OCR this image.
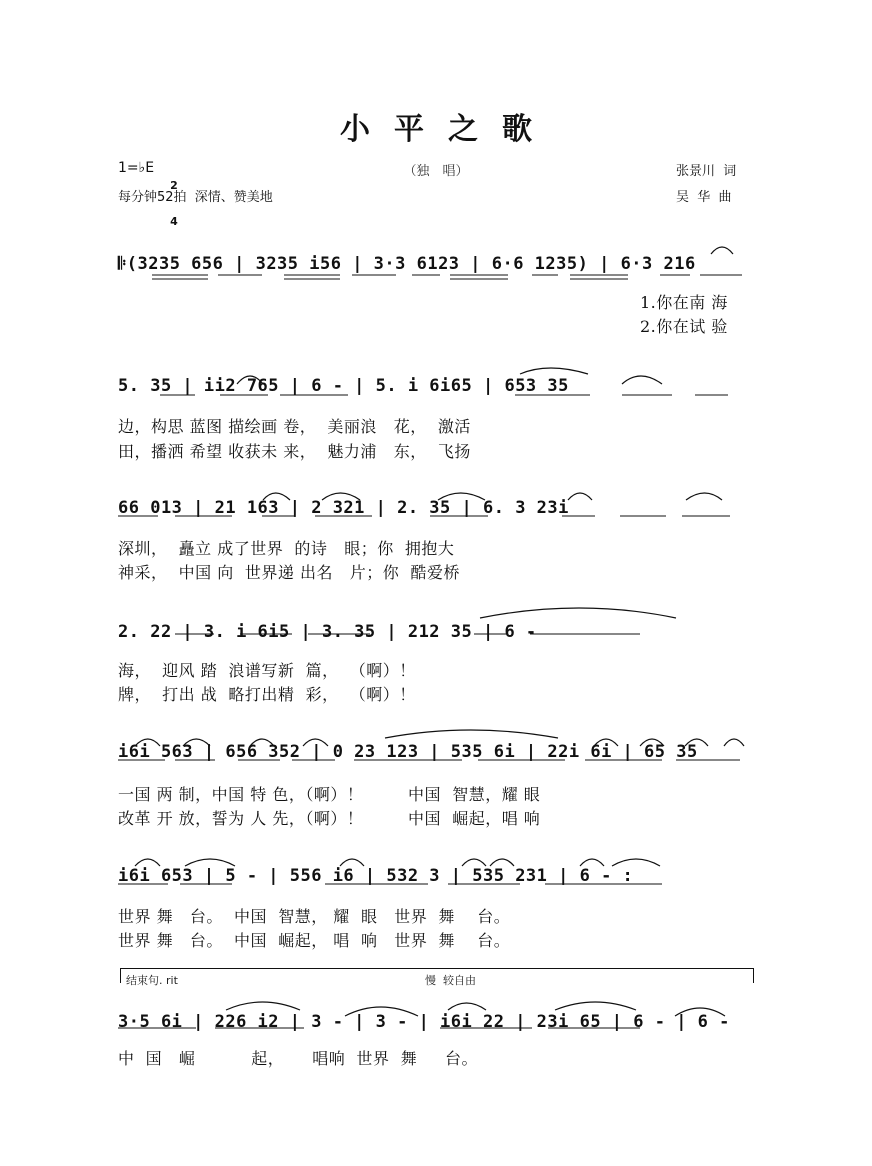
小平之歌
（独　唱）
1=♭E

2

4

每分钟52拍  深情、赞美地
张景川  词
吴  华  曲
𝄆(3235 656 | 3235 i56 | 3·3 6123 | 6·6 1235) | 6·3 216
1.你在南 海
2.你在试 验
5. 35 | ii2 765 | 6 - | 5. i 6i65 | 653 35
边，构思 蓝图 描绘画 卷，  美丽浪   花，  激活
田，播洒 希望 收获未 来，  魅力浦   东，  飞扬
66 013 | 21 163 | 2 321 | 2. 35 | 6. 3 23i
深圳，  矗立 成了世界  的诗   眼；你  拥抱大
神采，  中国 向  世界递 出名   片；你  酷爱桥
2. 22 | 3. i 6i5 | 3. 35 | 212 35 | 6 -
海，  迎风 踏  浪谱写新  篇，  （啊）！
牌，  打出 战  略打出精  彩，  （啊）！
i6i 563 | 656 352 | 0 23 123 | 535 6i | 22i 6i | 65 35
一国 两 制，中国 特 色，（啊）！        中国  智慧，耀 眼
改革 开 放，誓为 人 先，（啊）！        中国  崛起，唱 响
i6i 653 | 5 - | 556 i6 | 532 3 | 535 231 | 6 - :
世界 舞   台。  中国  智慧， 耀  眼   世界  舞    台。
世界 舞   台。  中国  崛起， 唱  响   世界  舞    台。
结束句. rit	慢  较自由
3·5 6i | 226 i2 | 3 - | 3 - | i6i 22 | 23i 65 | 6 - | 6 -
中  国   崛          起，     唱响  世界  舞     台。
